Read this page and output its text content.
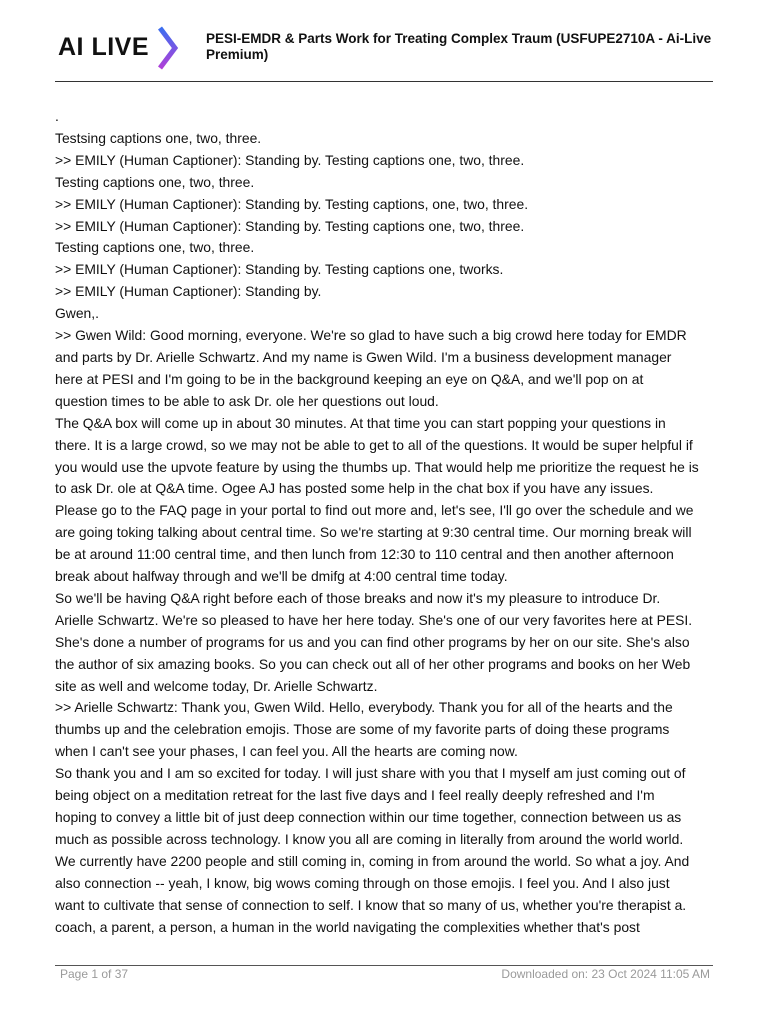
AI LIVE	PESI-EMDR & Parts Work for Treating Complex Traum (USFUPE2710A - Ai-Live Premium)

.

Testsing captions one, two, three.

>> EMILY (Human Captioner): Standing by. Testing captions one, two, three.

Testing captions one, two, three.

>> EMILY (Human Captioner): Standing by. Testing captions, one, two, three.

>> EMILY (Human Captioner): Standing by. Testing captions one, two, three.

Testing captions one, two, three.

>> EMILY (Human Captioner): Standing by. Testing captions one, tworks.

>> EMILY (Human Captioner): Standing by.

Gwen,.

>> Gwen Wild: Good morning, everyone. We're so glad to have such a big crowd here today for EMDR

and parts by Dr. Arielle Schwartz. And my name is Gwen Wild. I'm a business development manager

here at PESI and I'm going to be in the background keeping an eye on Q&A, and we'll pop on at

question times to be able to ask Dr. ole her questions out loud.

The Q&A box will come up in about 30 minutes. At that time you can start popping your questions in

there. It is a large crowd, so we may not be able to get to all of the questions. It would be super helpful if

you would use the upvote feature by using the thumbs up. That would help me prioritize the request he is

to ask Dr. ole at Q&A time. Ogee AJ has posted some help in the chat box if you have any issues.

Please go to the FAQ page in your portal to find out more and, let's see, I'll go over the schedule and we

are going toking talking about central time. So we're starting at 9:30 central time. Our morning break will

be at around 11:00 central time, and then lunch from 12:30 to 110 central and then another afternoon

break about halfway through and we'll be dmifg at 4:00 central time today.

So we'll be having Q&A right before each of those breaks and now it's my pleasure to introduce Dr.

Arielle Schwartz. We're so pleased to have her here today. She's one of our very favorites here at PESI.

She's done a number of programs for us and you can find other programs by her on our site. She's also

the author of six amazing books. So you can check out all of her other programs and books on her Web

site as well and welcome today, Dr. Arielle Schwartz.

>> Arielle Schwartz: Thank you, Gwen Wild. Hello, everybody. Thank you for all of the hearts and the

thumbs up and the celebration emojis. Those are some of my favorite parts of doing these programs

when I can't see your phases, I can feel you. All the hearts are coming now.

So thank you and I am so excited for today. I will just share with you that I myself am just coming out of

being object on a meditation retreat for the last five days and I feel really deeply refreshed and I'm

hoping to convey a little bit of just deep connection within our time together, connection between us as

much as possible across technology. I know you all are coming in literally from around the world world.

We currently have 2200 people and still coming in, coming in from around the world. So what a joy. And

also connection -- yeah, I know, big wows coming through on those emojis. I feel you. And I also just

want to cultivate that sense of connection to self. I know that so many of us, whether you're therapist a.

coach, a parent, a person, a human in the world navigating the complexities whether that's post

Page 1 of 37	Downloaded on: 23 Oct 2024 11:05 AM
